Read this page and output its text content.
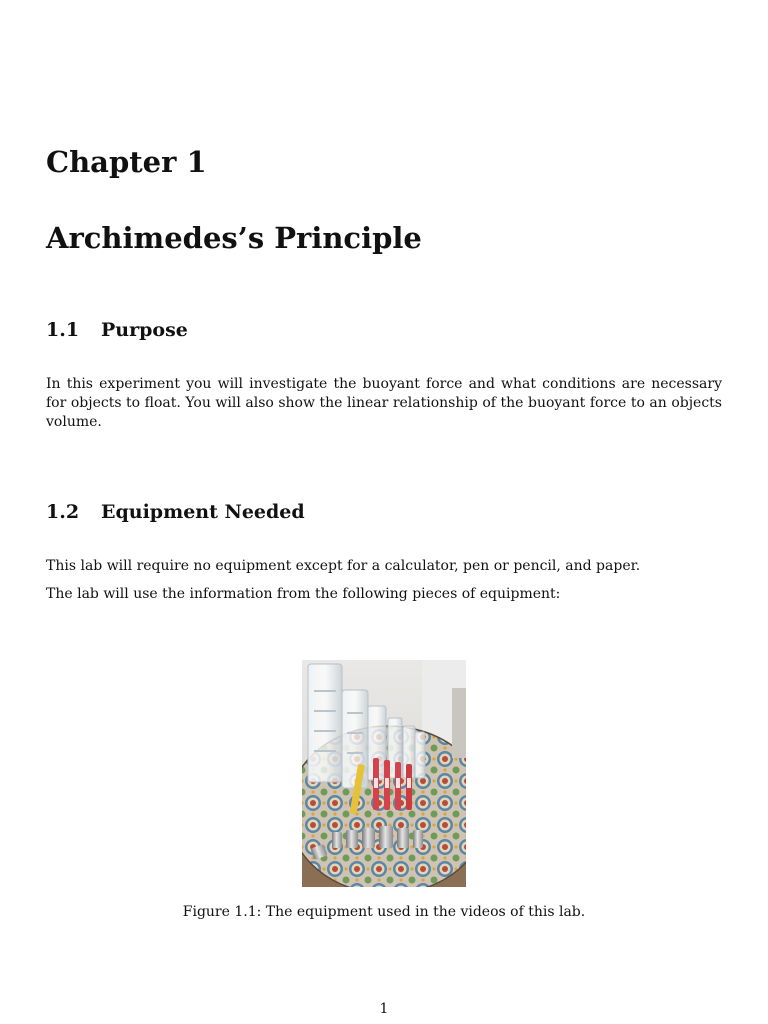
Chapter 1
Archimedes’s Principle
1.1 Purpose

In this experiment you will investigate the buoyant force and what conditions are necessary for objects to float. You will also show the linear relationship of the buoyant force to an objects volume.

1.2 Equipment Needed

This lab will require no equipment except for a calculator, pen or pencil, and paper.

The lab will use the information from the following pieces of equipment:

Figure 1.1: The equipment used in the videos of this lab.

1
